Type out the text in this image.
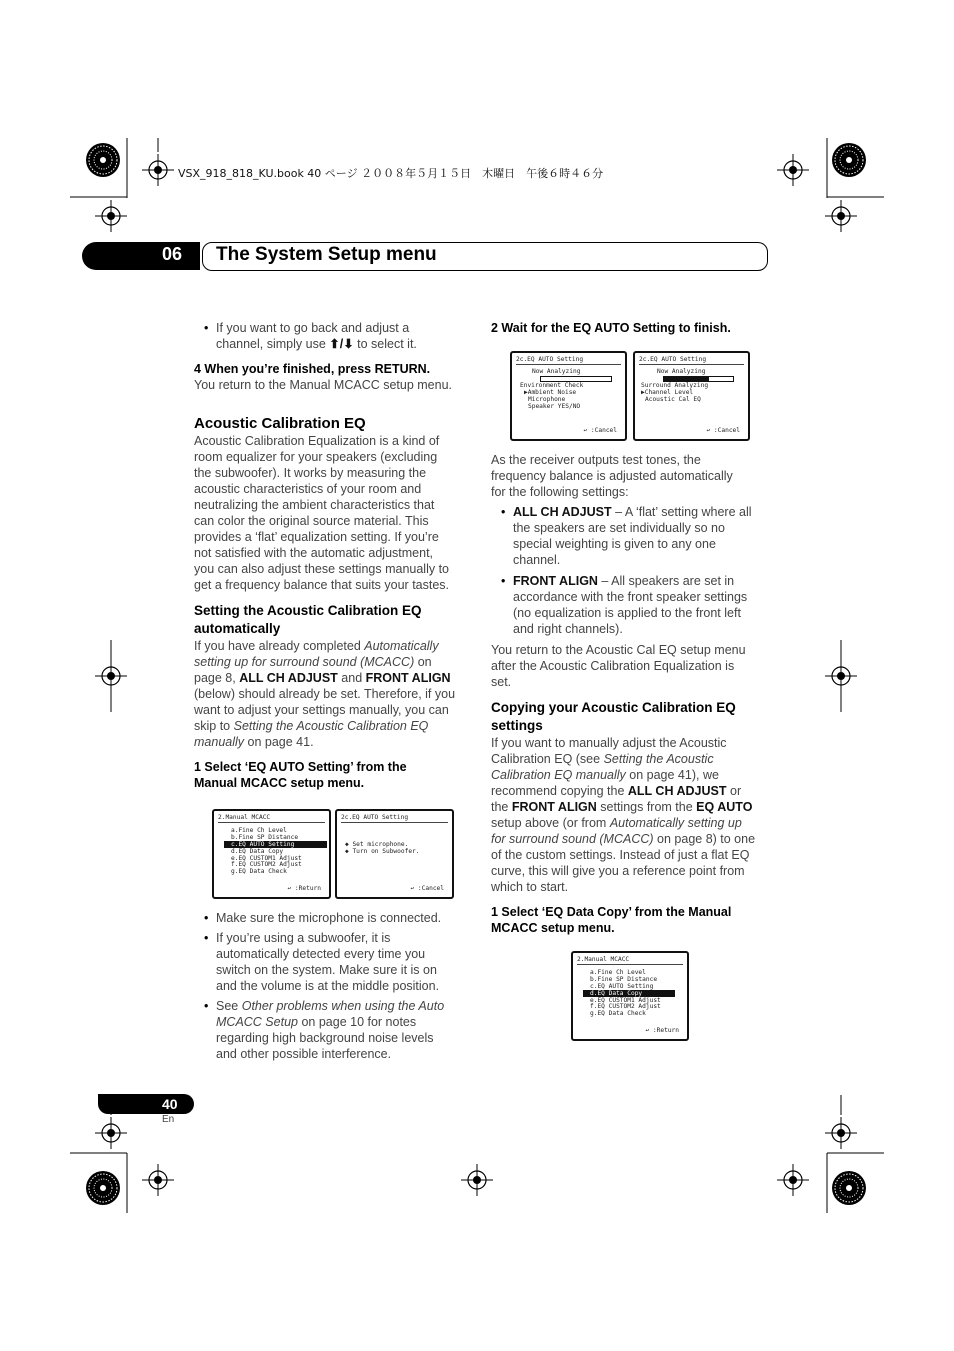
VSX_918_818_KU.book 40 ページ ２００８年５月１５日　木曜日　午後６時４６分
06 The System Setup menu

• If you want to go back and adjust a
channel, simply use ⬆/⬇ to select it.

4 When you’re finished, press RETURN.

You return to the Manual MCACC setup menu.

Acoustic Calibration EQ

Acoustic Calibration Equalization is a kind of
room equalizer for your speakers (excluding
the subwoofer). It works by measuring the
acoustic characteristics of your room and
neutralizing the ambient characteristics that
can color the original source material. This
provides a ‘flat’ equalization setting. If you’re
not satisfied with the automatic adjustment,
you can also adjust these settings manually to
get a frequency balance that suits your tastes.

Setting the Acoustic Calibration EQ
automatically

If you have already completed Automatically
setting up for surround sound (MCACC) on
page 8, ALL CH ADJUST and FRONT ALIGN
(below) should already be set. Therefore, if you
want to adjust your settings manually, you can
skip to Setting the Acoustic Calibration EQ
manually on page 41.

1 Select ‘EQ AUTO Setting’ from the
Manual MCACC setup menu.

2.Manual MCACC
a.Fine Ch Level
b.Fine SP Distance
c.EQ AUTO Setting
d.EQ Data Copy
e.EQ CUSTOM1 Adjust
f.EQ CUSTOM2 Adjust
g.EQ Data Check
↩ :Return
2c.EQ AUTO Setting
◆ Set microphone.
◆ Turn on Subwoofer.
↩ :Cancel

• Make sure the microphone is connected.

• If you’re using a subwoofer, it is
automatically detected every time you
switch on the system. Make sure it is on
and the volume is at the middle position.

• See Other problems when using the Auto
MCACC Setup on page 10 for notes
regarding high background noise levels
and other possible interference.

2 Wait for the EQ AUTO Setting to finish.

2c.EQ AUTO Setting
Now Analyzing
Environment Check
▶Ambient Noise
Microphone
Speaker YES/NO
↩ :Cancel
2c.EQ AUTO Setting
Now Analyzing
Surround Analyzing
▶Channel Level
Acoustic Cal EQ
↩ :Cancel

As the receiver outputs test tones, the
frequency balance is adjusted automatically
for the following settings:

• ALL CH ADJUST – A ‘flat’ setting where all
the speakers are set individually so no
special weighting is given to any one
channel.

• FRONT ALIGN – All speakers are set in
accordance with the front speaker settings
(no equalization is applied to the front left
and right channels).

You return to the Acoustic Cal EQ setup menu
after the Acoustic Calibration Equalization is
set.

Copying your Acoustic Calibration EQ
settings

If you want to manually adjust the Acoustic
Calibration EQ (see Setting the Acoustic
Calibration EQ manually on page 41), we
recommend copying the ALL CH ADJUST or
the FRONT ALIGN settings from the EQ AUTO
setup above (or from Automatically setting up
for surround sound (MCACC) on page 8) to one
of the custom settings. Instead of just a flat EQ
curve, this will give you a reference point from
which to start.

1 Select ‘EQ Data Copy’ from the Manual
MCACC setup menu.

2.Manual MCACC
a.Fine Ch Level
b.Fine SP Distance
c.EQ AUTO Setting
d.EQ Data Copy
e.EQ CUSTOM1 Adjust
f.EQ CUSTOM2 Adjust
g.EQ Data Check
↩ :Return
40
En
